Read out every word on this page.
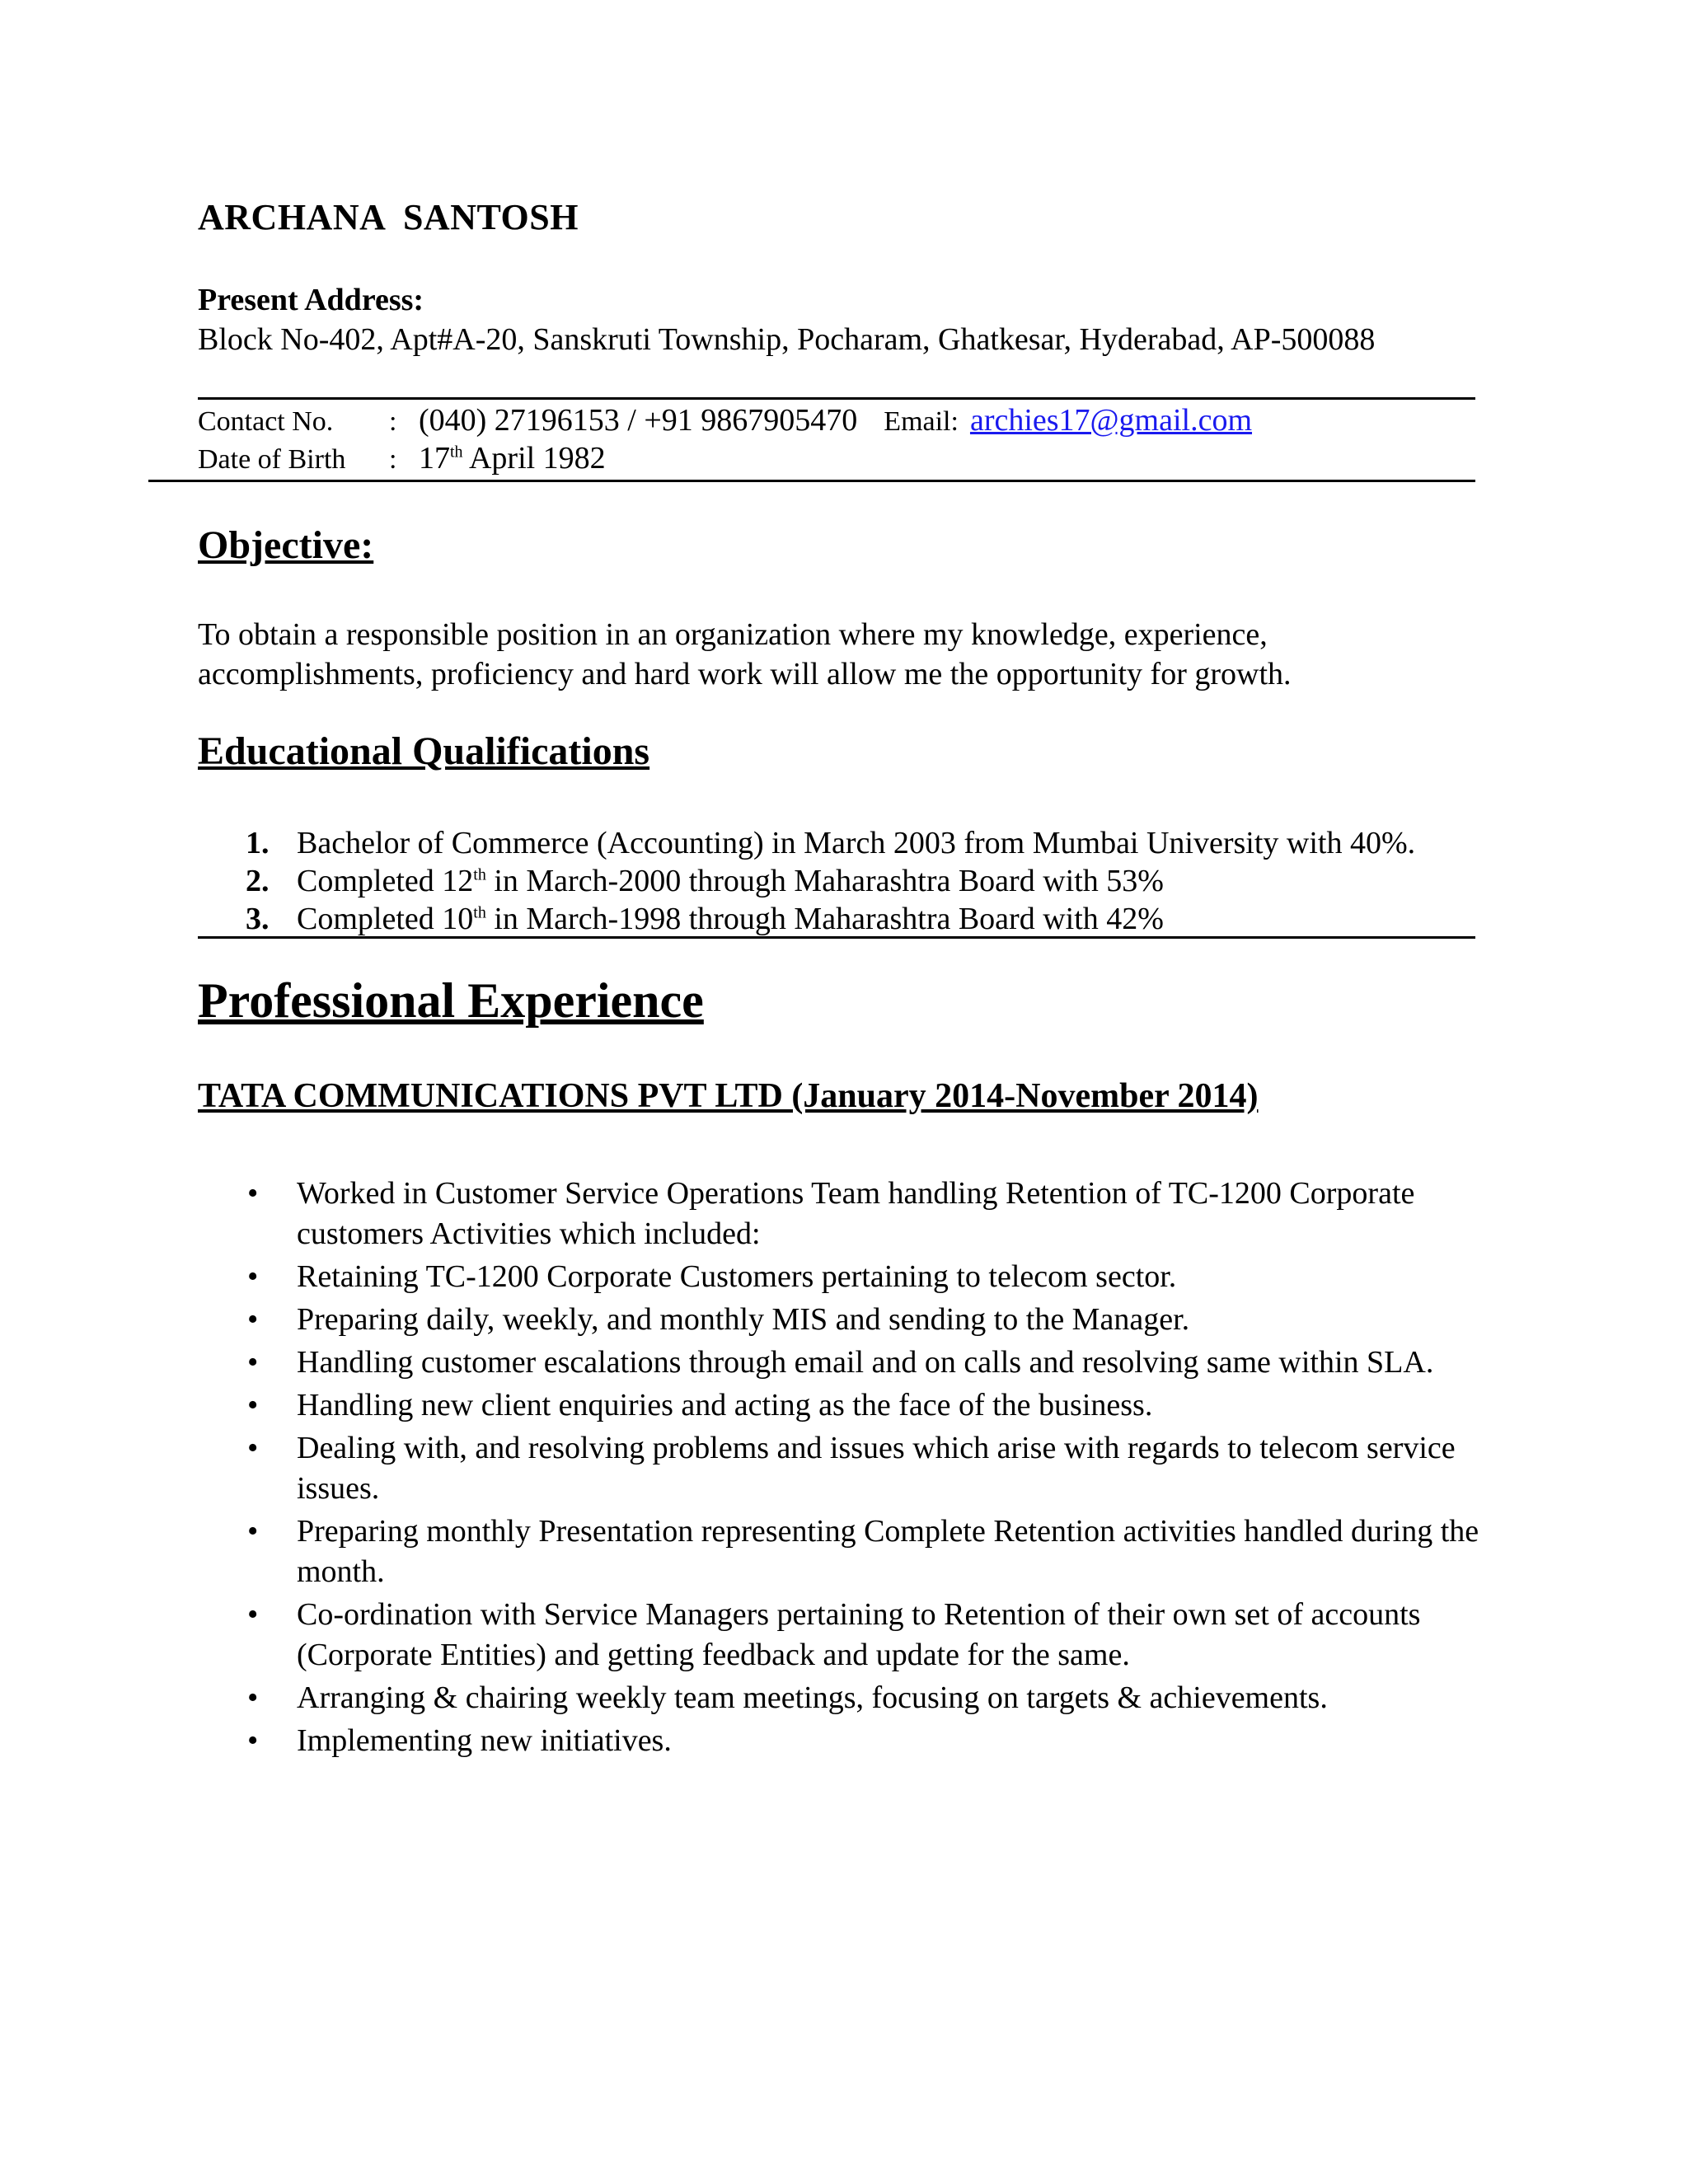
ARCHANA  SANTOSH
Present Address:
Block No-402, Apt#A-20, Sanskruti Township, Pocharam, Ghatkesar, Hyderabad, AP-500088
Contact No. : (040) 27196153 / +91 9867905470 Email: archies17@gmail.com
Date of Birth : 17th April 1982
Objective:
To obtain a responsible position in an organization where my knowledge, experience, accomplishments, proficiency and hard work will allow me the opportunity for growth.
Educational Qualifications
1. Bachelor of Commerce (Accounting) in March 2003 from Mumbai University with 40%.
2. Completed 12th in March-2000 through Maharashtra Board with 53%
3. Completed 10th in March-1998 through Maharashtra Board with 42%
Professional Experience
TATA COMMUNICATIONS PVT LTD (January 2014-November 2014)
• Worked in Customer Service Operations Team handling Retention of TC-1200 Corporate customers Activities which included:
• Retaining TC-1200 Corporate Customers pertaining to telecom sector.
• Preparing daily, weekly, and monthly MIS and sending to the Manager.
• Handling customer escalations through email and on calls and resolving same within SLA.
• Handling new client enquiries and acting as the face of the business.
• Dealing with, and resolving problems and issues which arise with regards to telecom service issues.
• Preparing monthly Presentation representing Complete Retention activities handled during the month.
• Co-ordination with Service Managers pertaining to Retention of their own set of accounts (Corporate Entities) and getting feedback and update for the same.
• Arranging & chairing weekly team meetings, focusing on targets & achievements.
• Implementing new initiatives.
